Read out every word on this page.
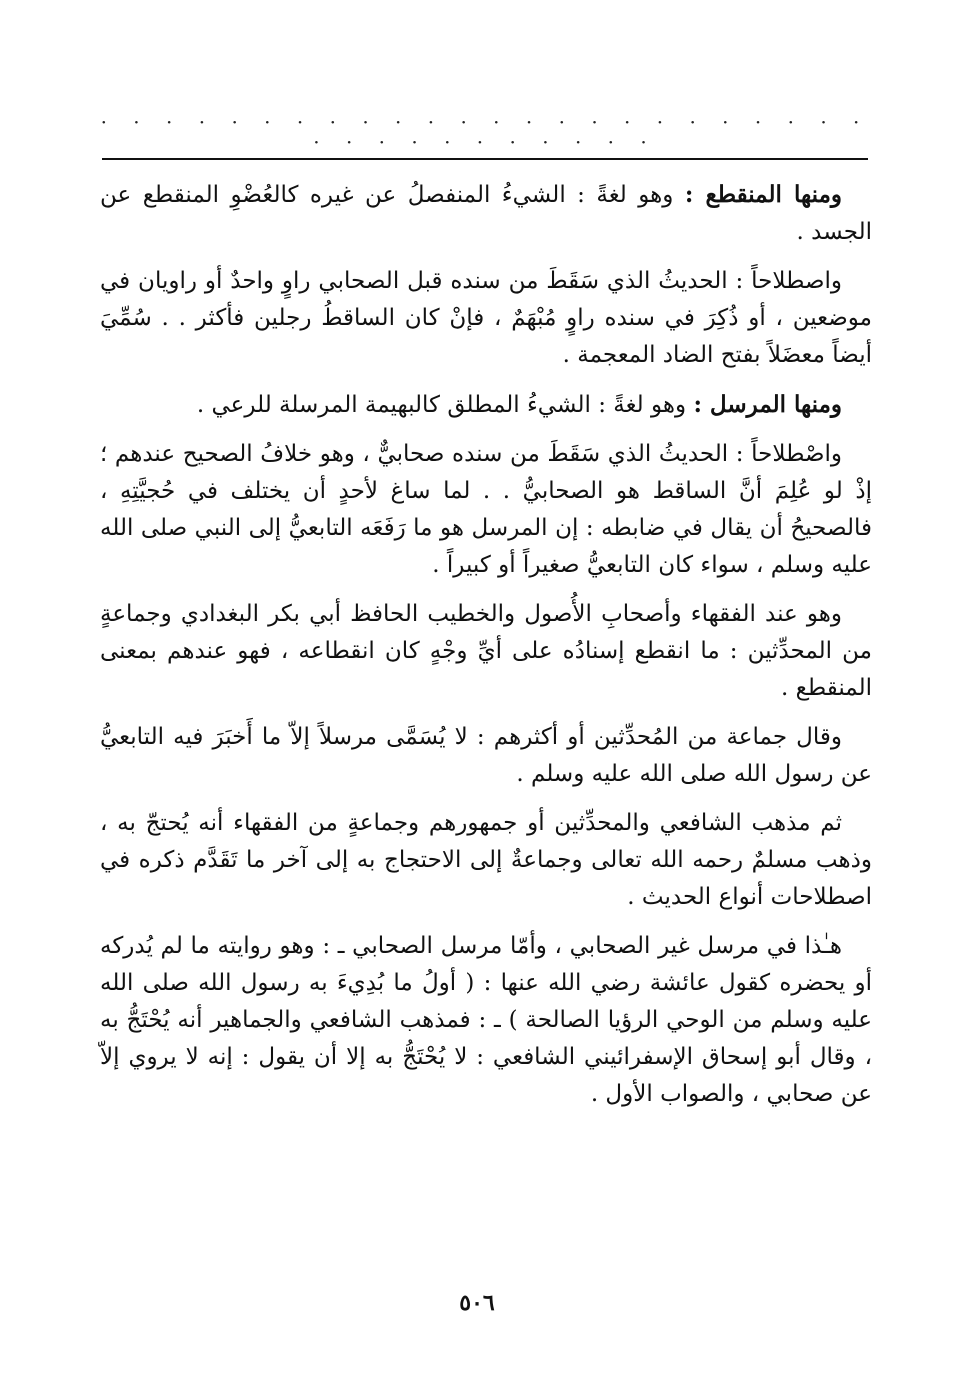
· · · · · · · · · · · · · · · · · · · · · · · · · · · · · · · · · · ·

ومنها المنقطع : وهو لغةً : الشيءُ المنفصلُ عن غيره كالعُضْوِ المنقطع عن الجسد .

واصطلاحاً : الحديثُ الذي سَقَطَ من سنده قبل الصحابي راوٍ واحدٌ أو راويان في موضعين ، أو ذُكِرَ في سنده راوٍ مُبْهَمٌ ، فإنْ كان الساقطُ رجلين فأكثر . . سُمِّيَ أيضاً معضَلاً بفتح الضاد المعجمة .

ومنها المرسل : وهو لغةً : الشيءُ المطلق كالبهيمة المرسلة للرعي .

واصْطلاحاً : الحديثُ الذي سَقَطَ من سنده صحابيٌّ ، وهو خلافُ الصحيح عندهم ؛ إذْ لو عُلِمَ أنَّ الساقط هو الصحابيُّ . . لما ساغ لأحدٍ أن يختلف في حُجيَّتِهِ ، فالصحيحُ أن يقال في ضابطه : إن المرسل هو ما رَفَعَه التابعيُّ إلى النبي صلى الله عليه وسلم ، سواء كان التابعيُّ صغيراً أو كبيراً .

وهو عند الفقهاء وأصحابِ الأُصول والخطيب الحافظ أبي بكر البغدادي وجماعةٍ من المحدِّثين : ما انقطع إسنادُه على أيِّ وجْهٍ كان انقطاعه ، فهو عندهم بمعنى المنقطع .

وقال جماعة من المُحدِّثين أو أكثرهم : لا يُسَمَّى مرسلاً إلاّ ما أَخبَرَ فيه التابعيُّ عن رسول الله صلى الله عليه وسلم .

ثم مذهب الشافعي والمحدِّثين أو جمهورهم وجماعةٍ من الفقهاء أنه يُحتجّ به ، وذهب مسلمٌ رحمه الله تعالى وجماعةٌ إلى الاحتجاج به إلى آخر ما تَقَدَّم ذكره في اصطلاحات أنواع الحديث .

هـٰذا في مرسل غير الصحابي ، وأمّا مرسل الصحابي ـ : وهو روايته ما لم يُدركه أو يحضره كقول عائشة رضي الله عنها : ( أولُ ما بُدِيءَ به رسول الله صلى الله عليه وسلم من الوحي الرؤيا الصالحة ) ـ : فمذهب الشافعي والجماهير أنه يُحْتَجُّ به ، وقال أبو إسحاق الإسفرائيني الشافعي : لا يُحْتَجُّ به إلا أن يقول : إنه لا يروي إلاّ عن صحابي ، والصواب الأول .

٥٠٦
